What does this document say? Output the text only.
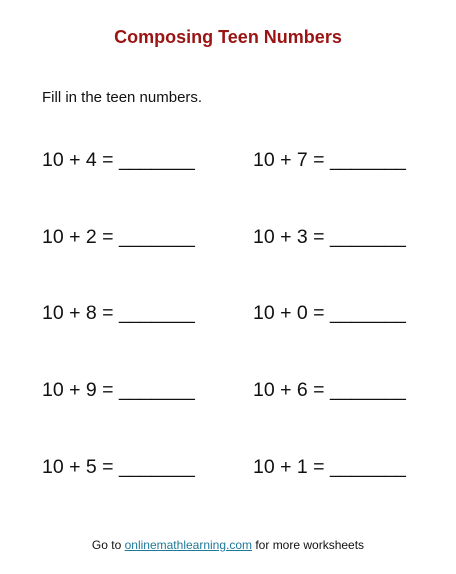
Composing Teen Numbers
Fill in the teen numbers.
10 + 4 = _______	10 + 7 = _______
10 + 2 = _______	10 + 3 = _______
10 + 8 = _______	10 + 0 = _______
10 + 9 = _______	10 + 6 = _______
10 + 5 = _______	10 + 1 = _______
Go to onlinemathlearning.com for more worksheets
